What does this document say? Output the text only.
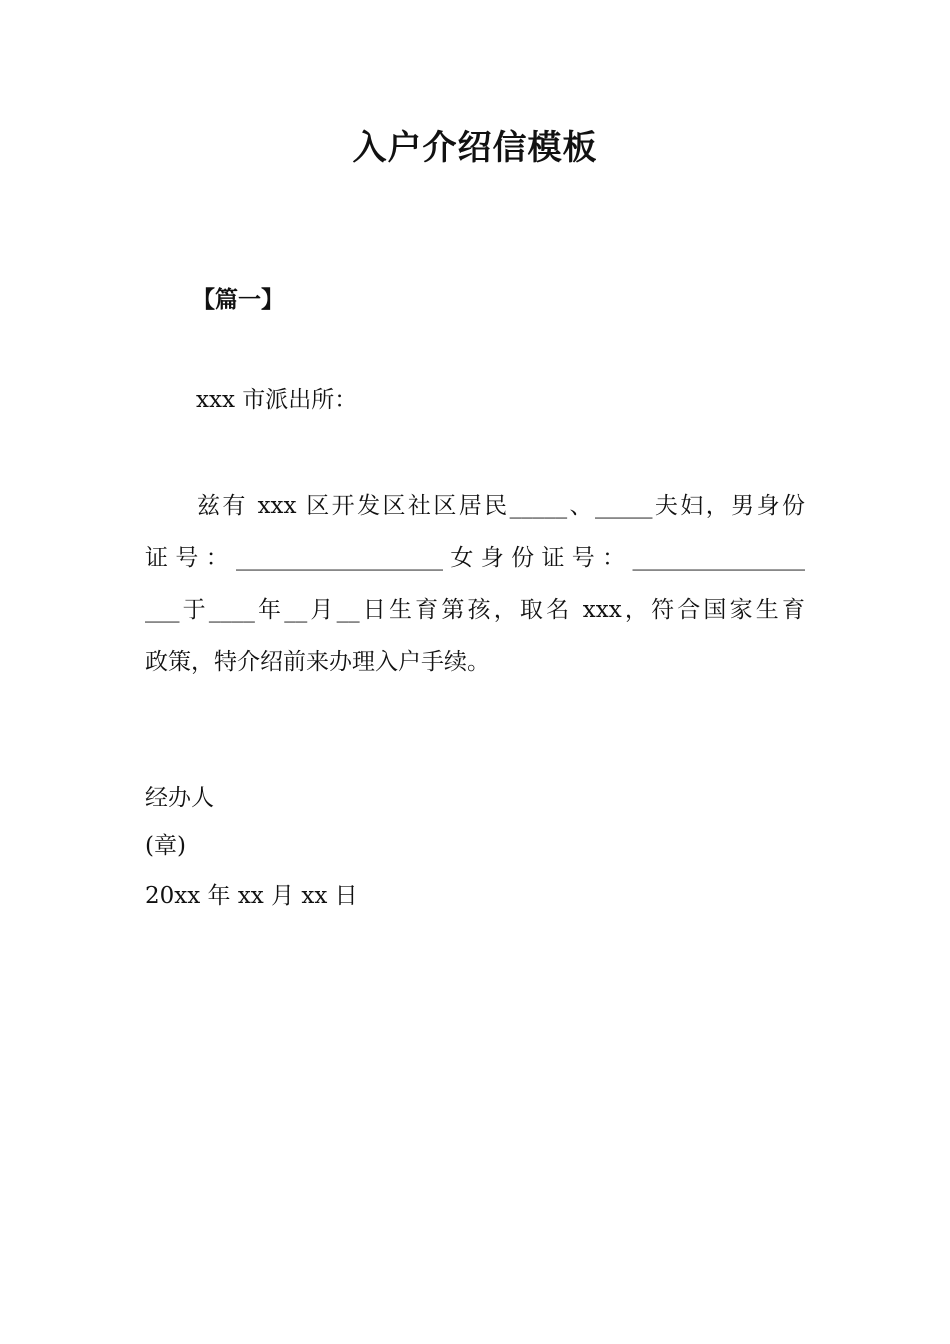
入户介绍信模板
【篇一】
xxx 市派出所：
兹有 xxx 区开发区社区居民_____、_____夫妇，男身份
证号：__________________女身份证号：_______________
___于____年__月__日生育第孩，取名 xxx，符合国家生育
政策，特介绍前来办理入户手续。
经办人
(章)
20xx 年 xx 月 xx 日
